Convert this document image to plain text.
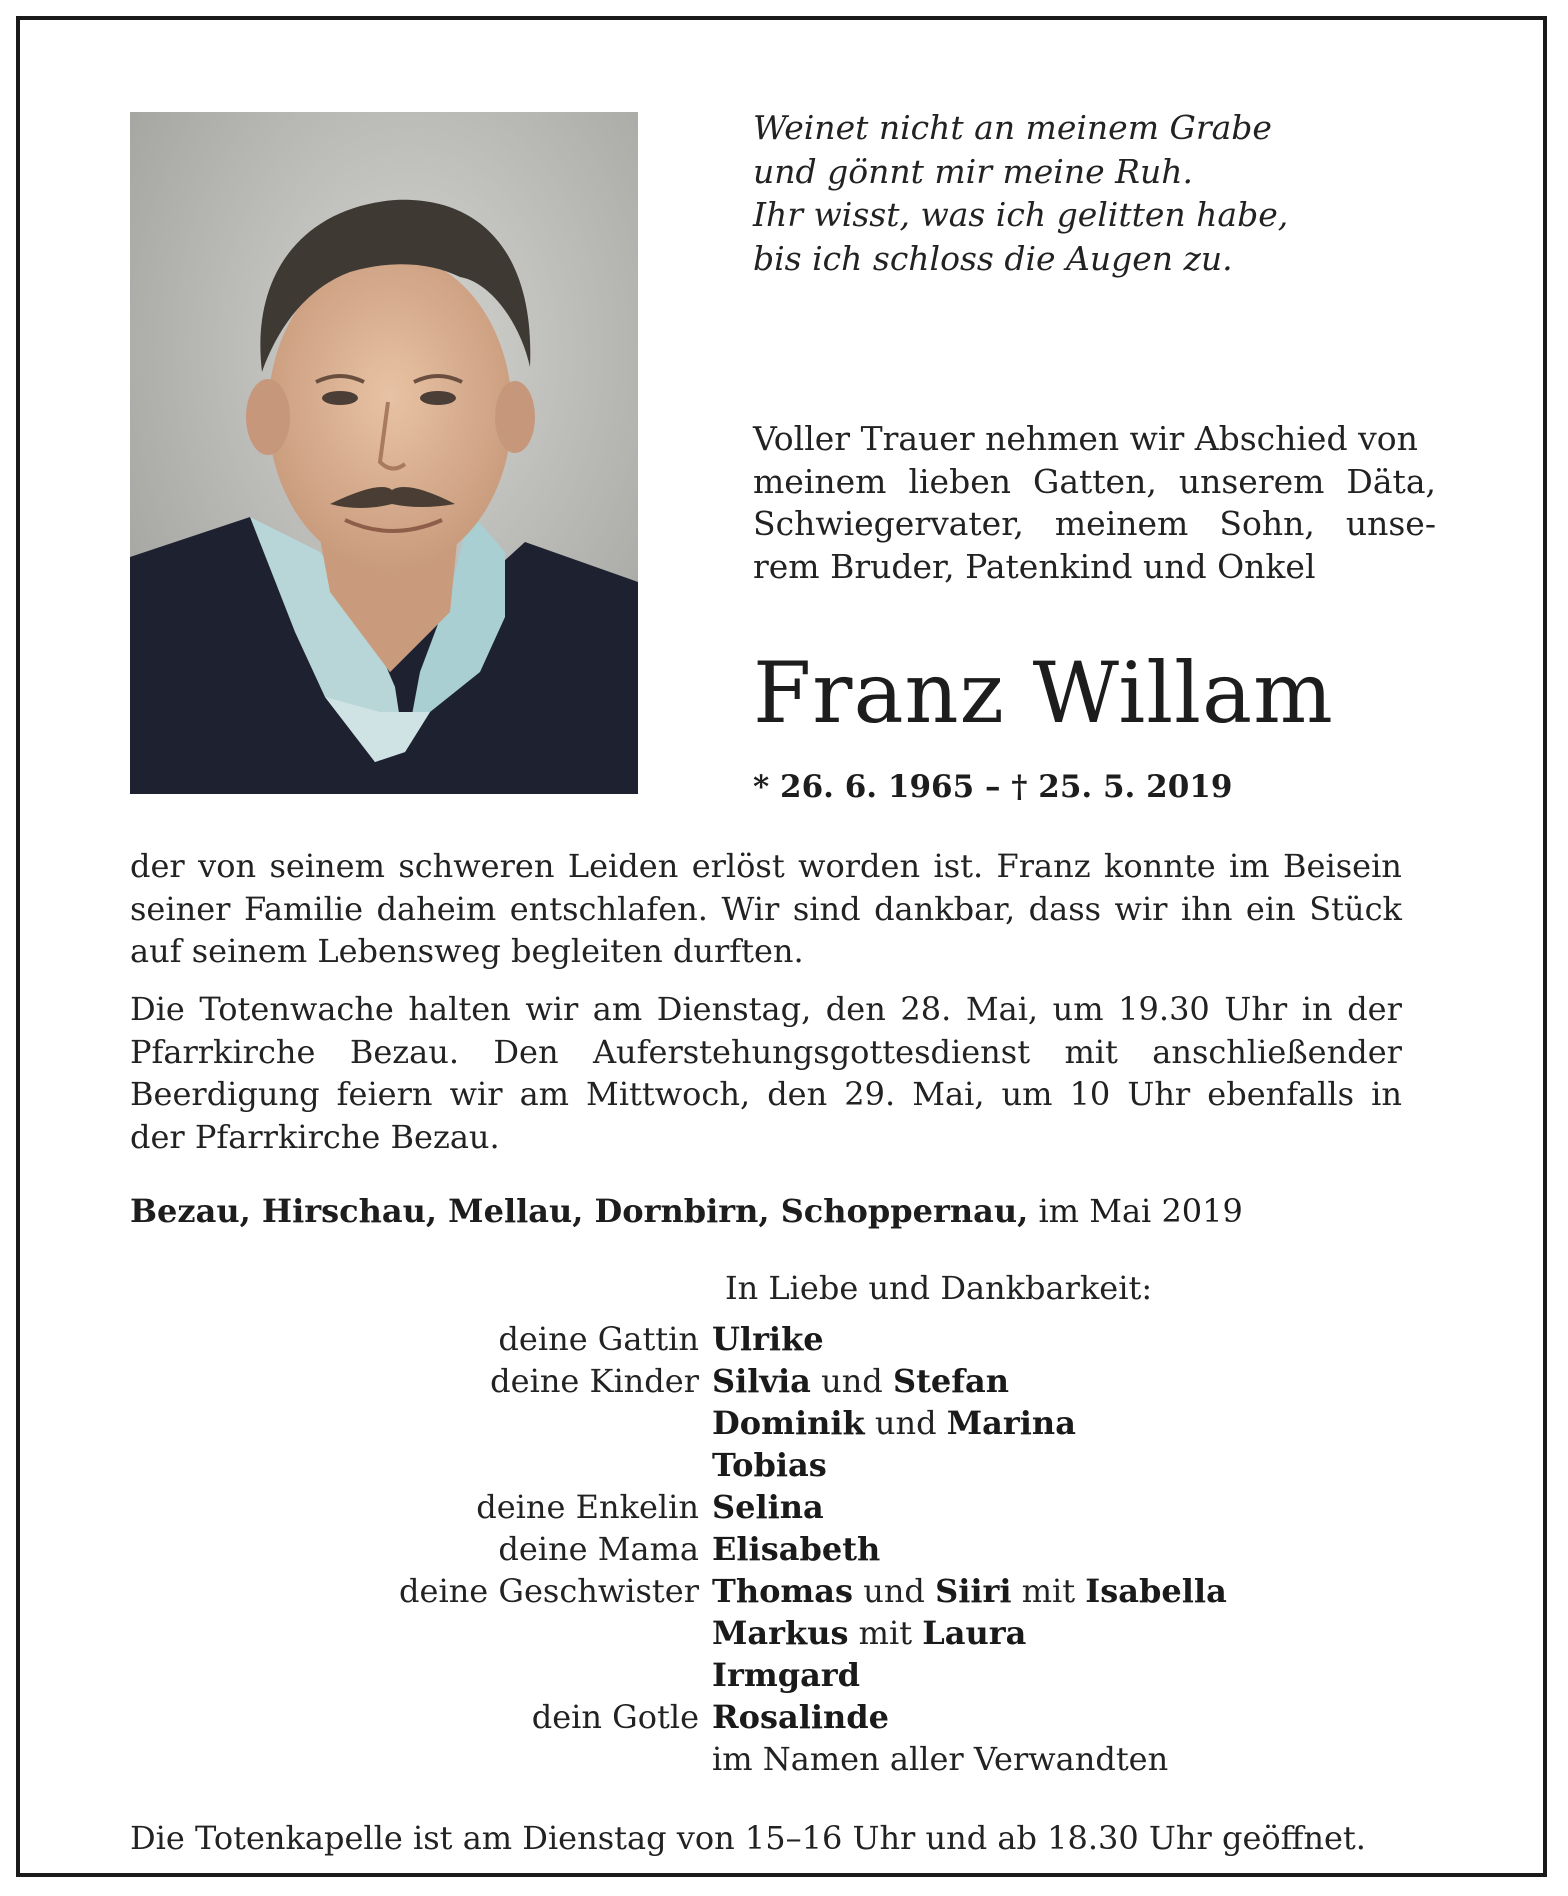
Weinet nicht an meinem Grabe
und gönnt mir meine Ruh.
Ihr wisst, was ich gelitten habe,
bis ich schloss die Augen zu.
Voller Trauer nehmen wir Abschied von
meinem lieben Gatten, unserem Däta,
Schwiegervater, meinem Sohn, unse-
rem Bruder, Patenkind und Onkel
Franz Willam
* 26. 6. 1965 – † 25. 5. 2019
der von seinem schweren Leiden erlöst worden ist. Franz konnte im Beisein
seiner Familie daheim entschlafen. Wir sind dankbar, dass wir ihn ein Stück
auf seinem Lebensweg begleiten durften.
Die Totenwache halten wir am Dienstag, den 28. Mai, um 19.30 Uhr in der
Pfarrkirche Bezau. Den Auferstehungsgottesdienst mit anschließender
Beerdigung feiern wir am Mittwoch, den 29. Mai, um 10 Uhr ebenfalls in
der Pfarrkirche Bezau.
Bezau, Hirschau, Mellau, Dornbirn, Schoppernau, im Mai 2019
In Liebe und Dankbarkeit:
deine Gattin Ulrike
deine Kinder Silvia und Stefan
Dominik und Marina
Tobias
deine Enkelin Selina
deine Mama Elisabeth
deine Geschwister Thomas und Siiri mit Isabella
Markus mit Laura
Irmgard
dein Gotle Rosalinde
im Namen aller Verwandten
Die Totenkapelle ist am Dienstag von 15–16 Uhr und ab 18.30 Uhr geöffnet.
